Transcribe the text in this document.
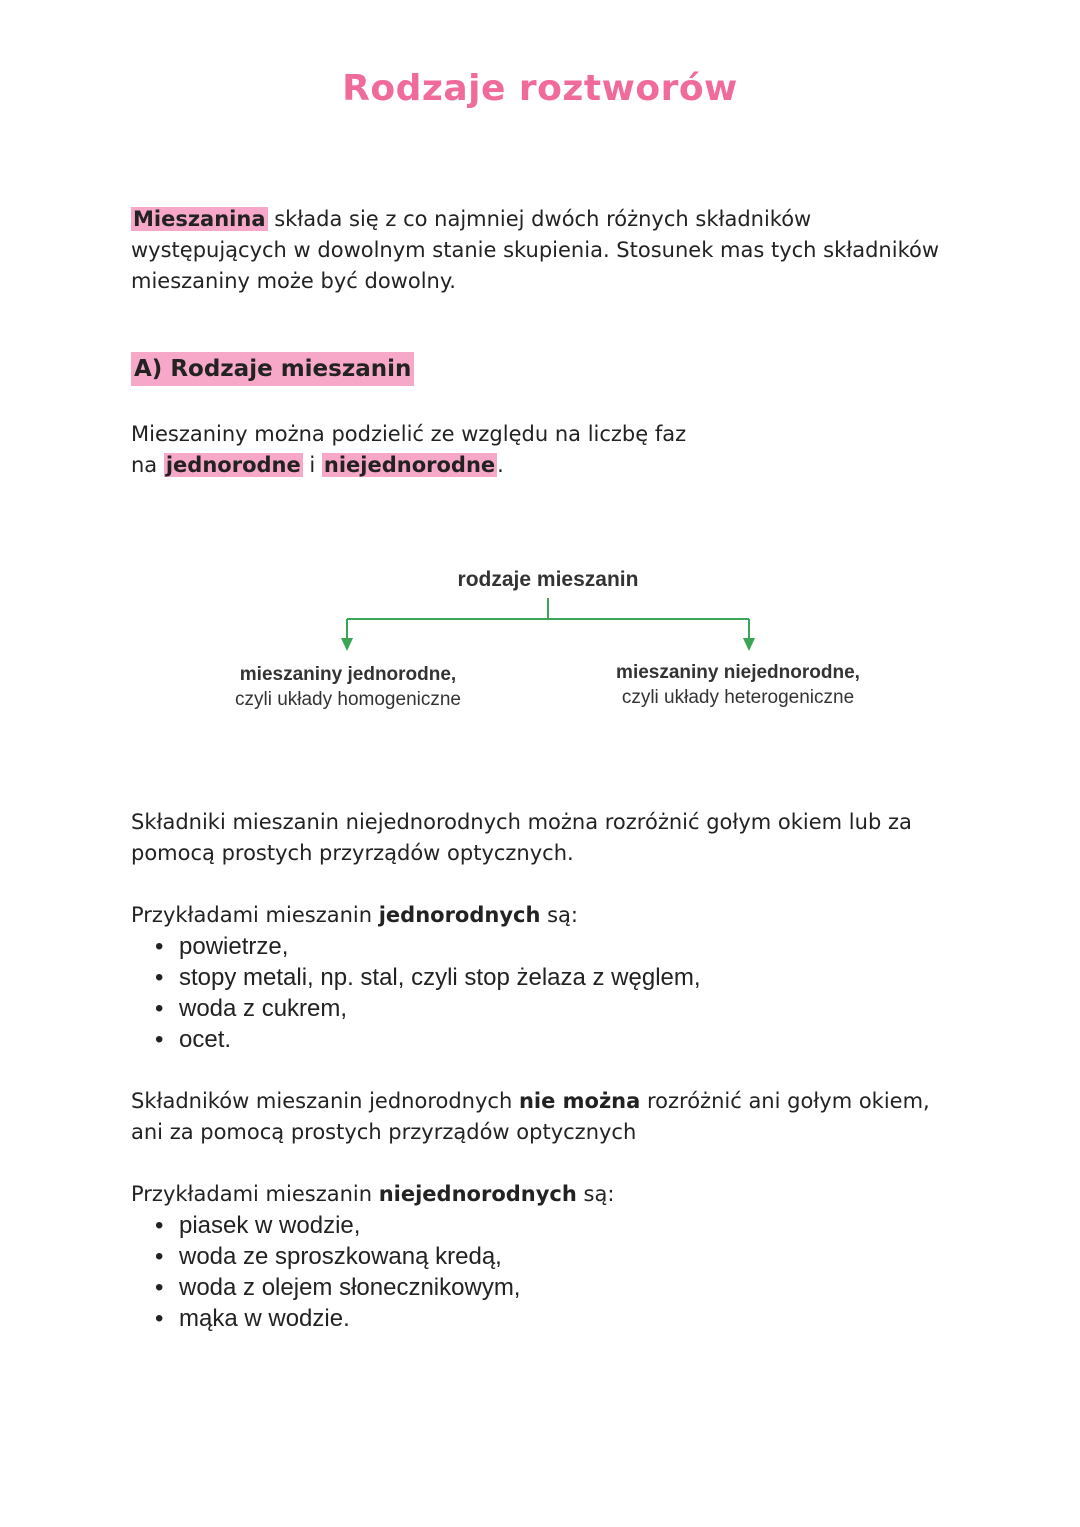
Rodzaje roztworów

Mieszanina składa się z co najmniej dwóch różnych składników występujących w dowolnym stanie skupienia. Stosunek mas tych składników mieszaniny może być dowolny.

A) Rodzaje mieszanin

Mieszaniny można podzielić ze względu na liczbę faz na jednorodne i niejednorodne.

rodzaje mieszanin
mieszaniny jednorodne,
czyli układy homogeniczne
mieszaniny niejednorodne,
czyli układy heterogeniczne

Składniki mieszanin niejednorodnych można rozróżnić gołym okiem lub za pomocą prostych przyrządów optycznych.

Przykładami mieszanin jednorodnych są:

• powietrze,
• stopy metali, np. stal, czyli stop żelaza z węglem,
• woda z cukrem,
• ocet.

Składników mieszanin jednorodnych nie można rozróżnić ani gołym okiem, ani za pomocą prostych przyrządów optycznych

Przykładami mieszanin niejednorodnych są:

• piasek w wodzie,
• woda ze sproszkowaną kredą,
• woda z olejem słonecznikowym,
• mąka w wodzie.
